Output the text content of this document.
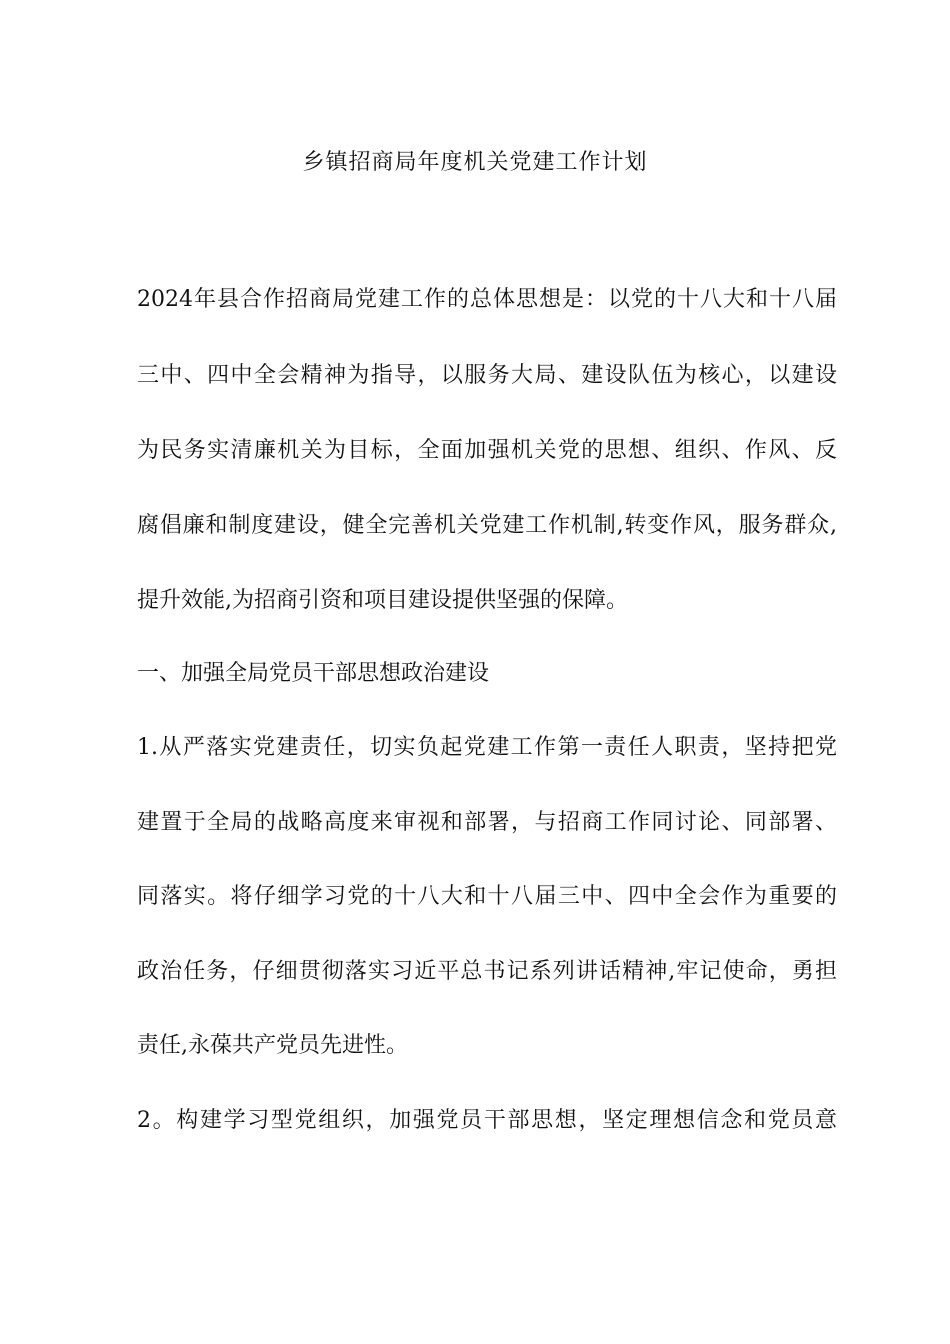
乡镇招商局年度机关党建工作计划
2024年县合作招商局党建工作的总体思想是：以党的十八大和十八届
三中、四中全会精神为指导，以服务大局、建设队伍为核心，以建设
为民务实清廉机关为目标，全面加强机关党的思想、组织、作风、反
腐倡廉和制度建设，健全完善机关党建工作机制,转变作风，服务群众,
提升效能,为招商引资和项目建设提供坚强的保障。
一、加强全局党员干部思想政治建设
1.从严落实党建责任，切实负起党建工作第一责任人职责，坚持把党
建置于全局的战略高度来审视和部署，与招商工作同讨论、同部署、
同落实。将仔细学习党的十八大和十八届三中、四中全会作为重要的
政治任务，仔细贯彻落实习近平总书记系列讲话精神,牢记使命，勇担
责任,永葆共产党员先进性。
2。构建学习型党组织，加强党员干部思想，坚定理想信念和党员意
